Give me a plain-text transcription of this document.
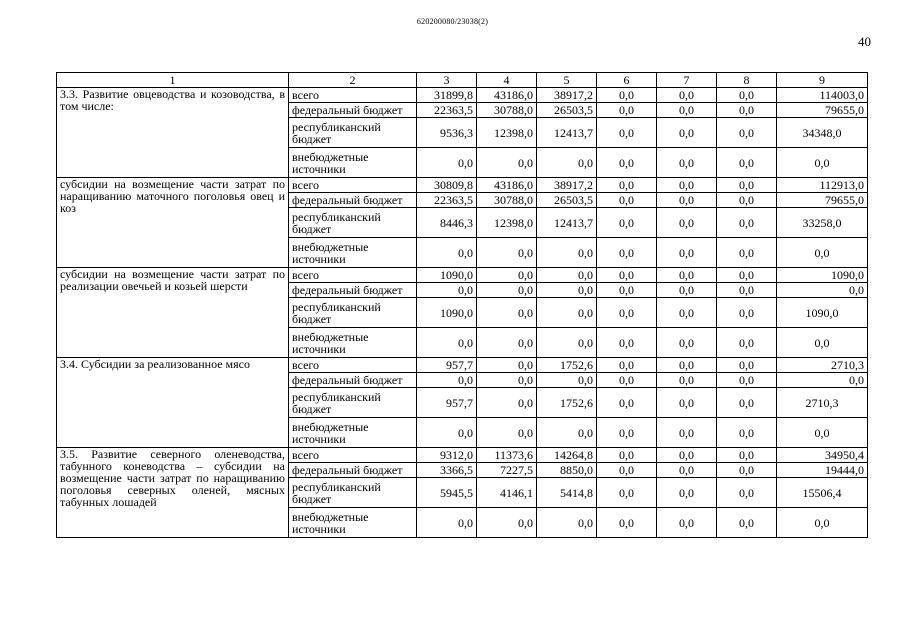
620200080/23038(2)
40
1	2	3	4	5	6	7	8	9
3.3. Развитие овцеводства и козоводства, в том числе:	всего	31899,8	43186,0	38917,2	0,0	0,0	0,0	114003,0
	федеральный бюджет	22363,5	30788,0	26503,5	0,0	0,0	0,0	79655,0
	республиканский бюджет	9536,3	12398,0	12413,7	0,0	0,0	0,0	34348,0
	внебюджетные источники	0,0	0,0	0,0	0,0	0,0	0,0	0,0
субсидии на возмещение части затрат по наращиванию маточного поголовья овец и коз	всего	30809,8	43186,0	38917,2	0,0	0,0	0,0	112913,0
	федеральный бюджет	22363,5	30788,0	26503,5	0,0	0,0	0,0	79655,0
	республиканский бюджет	8446,3	12398,0	12413,7	0,0	0,0	0,0	33258,0
	внебюджетные источники	0,0	0,0	0,0	0,0	0,0	0,0	0,0
субсидии на возмещение части затрат по реализации овечьей и козьей шерсти	всего	1090,0	0,0	0,0	0,0	0,0	0,0	1090,0
	федеральный бюджет	0,0	0,0	0,0	0,0	0,0	0,0	0,0
	республиканский бюджет	1090,0	0,0	0,0	0,0	0,0	0,0	1090,0
	внебюджетные источники	0,0	0,0	0,0	0,0	0,0	0,0	0,0
3.4. Субсидии за реализованное мясо	всего	957,7	0,0	1752,6	0,0	0,0	0,0	2710,3
	федеральный бюджет	0,0	0,0	0,0	0,0	0,0	0,0	0,0
	республиканский бюджет	957,7	0,0	1752,6	0,0	0,0	0,0	2710,3
	внебюджетные источники	0,0	0,0	0,0	0,0	0,0	0,0	0,0
3.5. Развитие северного оленеводства, табунного коневодства – субсидии на возмещение части затрат по наращиванию поголовья северных оленей, мясных табунных лошадей	всего	9312,0	11373,6	14264,8	0,0	0,0	0,0	34950,4
	федеральный бюджет	3366,5	7227,5	8850,0	0,0	0,0	0,0	19444,0
	республиканский бюджет	5945,5	4146,1	5414,8	0,0	0,0	0,0	15506,4
	внебюджетные источники	0,0	0,0	0,0	0,0	0,0	0,0	0,0
